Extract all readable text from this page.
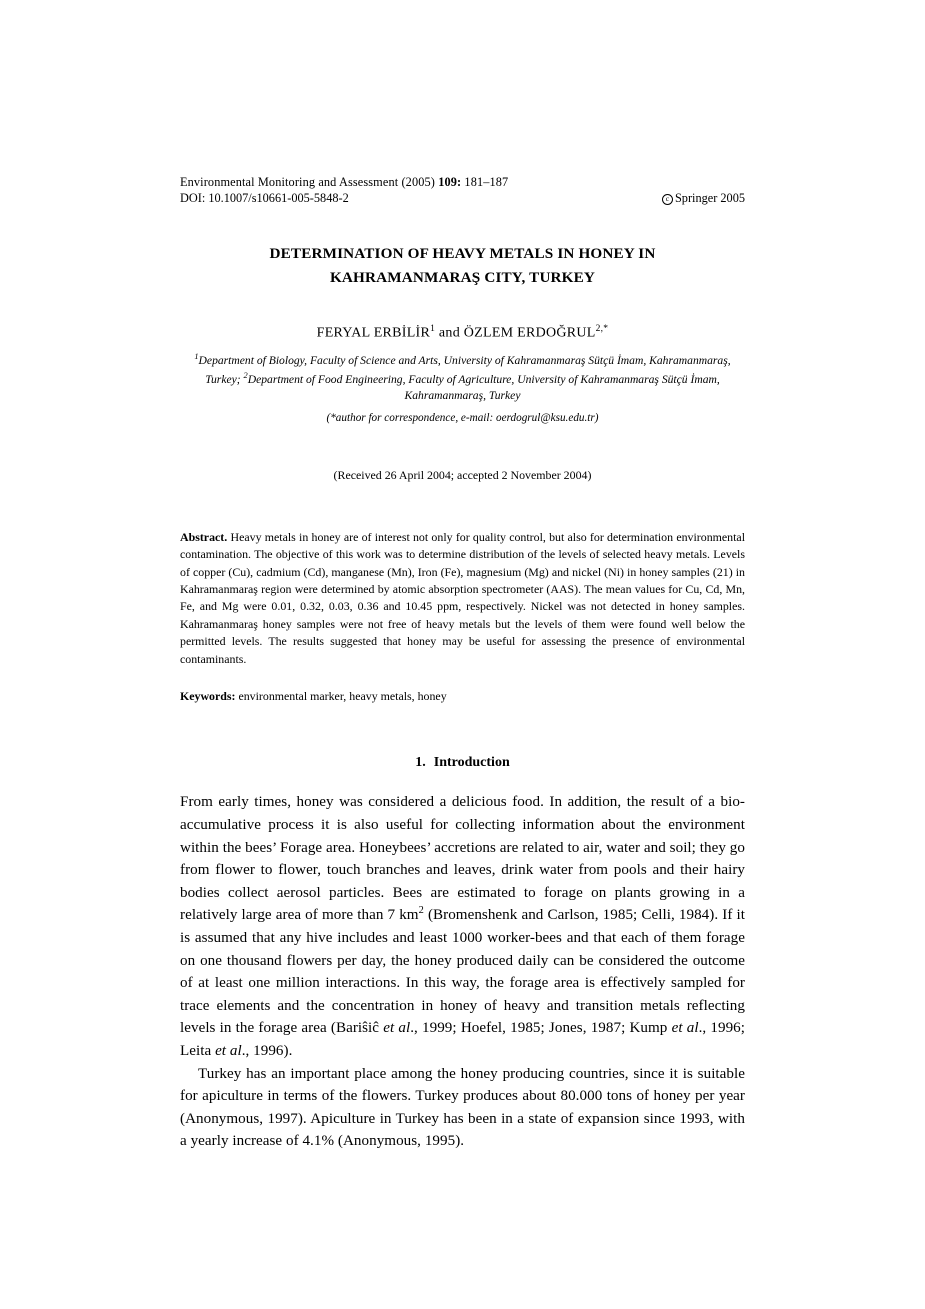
Environmental Monitoring and Assessment (2005) 109: 181–187
DOI: 10.1007/s10661-005-5848-2	c Springer 2005
DETERMINATION OF HEAVY METALS IN HONEY IN
KAHRAMANMARAŞ CITY, TURKEY
FERYAL ERBİLİR$^1$ and ÖZLEM $ERDOĞRUL^{2,*}$
$^1$Department of Biology, Faculty of Science and Arts, University of Kahramanmaraş Sütçü İmam, Kahramanmaraş, Turkey; $^2$Department of Food Engineering, Faculty of Agriculture, University of Kahramanmaraş Sütçü İmam, Kahramanmaraş, Turkey
(*author for correspondence, e-mail: oerdogrul@ksu.edu.tr)
(Received 26 April 2004; accepted 2 November 2004)
Abstract. Heavy metals in honey are of interest not only for quality control, but also for determination environmental contamination. The objective of this work was to determine distribution of the levels of selected heavy metals. Levels of copper (Cu), cadmium (Cd), manganese (Mn), Iron (Fe), magnesium (Mg) and nickel (Ni) in honey samples (21) in Kahramanmaraş region were determined by atomic absorption spectrometer (AAS). The mean values for Cu, Cd, Mn, Fe, and Mg were 0.01, 0.32, 0.03, 0.36 and 10.45 ppm, respectively. Nickel was not detected in honey samples. Kahramanmaraş honey samples were not free of heavy metals but the levels of them were found well below the permitted levels. The results suggested that honey may be useful for assessing the presence of environmental contaminants.
Keywords: environmental marker, heavy metals, honey
1. Introduction

From early times, honey was considered a delicious food. In addition, the result of a bio-accumulative process it is also useful for collecting information about the environment within the bees’ Forage area. Honeybees’ accretions are related to air, water and soil; they go from flower to flower, touch branches and leaves, drink water from pools and their hairy bodies collect aerosol particles. Bees are estimated to forage on plants growing in a relatively large area of more than 7 $km^2$ (Bromenshenk and Carlson, 1985; Celli, 1984). If it is assumed that any hive includes and least 1000 worker-bees and that each of them forage on one thousand flowers per day, the honey produced daily can be considered the outcome of at least one million interactions. In this way, the forage area is effectively sampled for trace elements and the concentration in honey of heavy and transition metals reflecting levels in the forage area (Bariŝiĉ et al., 1999; Hoefel, 1985; Jones, 1987; Kump et al., 1996; Leita et al., 1996).

Turkey has an important place among the honey producing countries, since it is suitable for apiculture in terms of the flowers. Turkey produces about 80.000 tons of honey per year (Anonymous, 1997). Apiculture in Turkey has been in a state of expansion since 1993, with a yearly increase of 4.1% (Anonymous, 1995).
